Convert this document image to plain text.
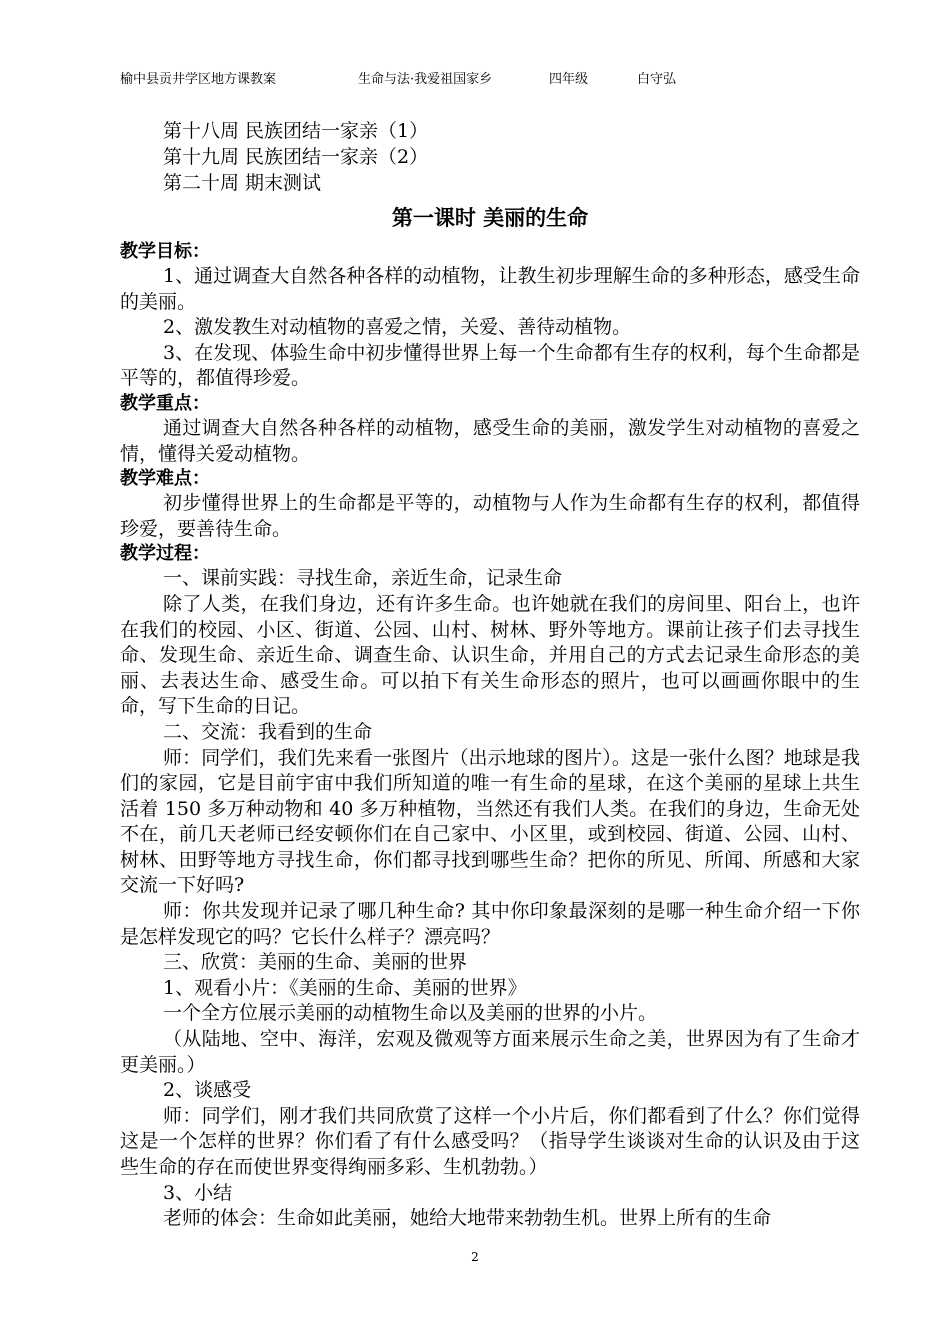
榆中县贡井学区地方课教案	生命与法·我爱祖国家乡	四年级	白守弘

第十八周 民族团结一家亲（1）

第十九周 民族团结一家亲（2）

第二十周 期末测试

第一课时 美丽的生命

教学目标：

1、通过调查大自然各种各样的动植物，让教生初步理解生命的多种形态，感受生命的美丽。

2、激发教生对动植物的喜爱之情，关爱、善待动植物。

3、在发现、体验生命中初步懂得世界上每一个生命都有生存的权利，每个生命都是平等的，都值得珍爱。

教学重点：

通过调查大自然各种各样的动植物，感受生命的美丽，激发学生对动植物的喜爱之情，懂得关爱动植物。

教学难点：

初步懂得世界上的生命都是平等的，动植物与人作为生命都有生存的权利，都值得珍爱，要善待生命。

教学过程：

一、课前实践：寻找生命，亲近生命，记录生命

除了人类，在我们身边，还有许多生命。也许她就在我们的房间里、阳台上，也许在我们的校园、小区、街道、公园、山村、树林、野外等地方。课前让孩子们去寻找生命、发现生命、亲近生命、调查生命、认识生命，并用自己的方式去记录生命形态的美丽、去表达生命、感受生命。可以拍下有关生命形态的照片，也可以画画你眼中的生命，写下生命的日记。

二、交流：我看到的生命

师：同学们，我们先来看一张图片（出示地球的图片）。这是一张什么图？地球是我们的家园，它是目前宇宙中我们所知道的唯一有生命的星球，在这个美丽的星球上共生活着 150 多万种动物和 40 多万种植物，当然还有我们人类。在我们的身边，生命无处不在，前几天老师已经安顿你们在自己家中、小区里，或到校园、街道、公园、山村、树林、田野等地方寻找生命，你们都寻找到哪些生命？把你的所见、所闻、所感和大家交流一下好吗?

师：你共发现并记录了哪几种生命? 其中你印象最深刻的是哪一种生命介绍一下你是怎样发现它的吗？它长什么样子？漂亮吗？

三、欣赏：美丽的生命、美丽的世界

1、观看小片：《美丽的生命、美丽的世界》

一个全方位展示美丽的动植物生命以及美丽的世界的小片。

（从陆地、空中、海洋，宏观及微观等方面来展示生命之美，世界因为有了生命才更美丽。）

2、谈感受

师：同学们，刚才我们共同欣赏了这样一个小片后，你们都看到了什么？你们觉得这是一个怎样的世界？你们看了有什么感受吗？（指导学生谈谈对生命的认识及由于这些生命的存在而使世界变得绚丽多彩、生机勃勃。）

3、小结

老师的体会：生命如此美丽，她给大地带来勃勃生机。世界上所有的生命

2
